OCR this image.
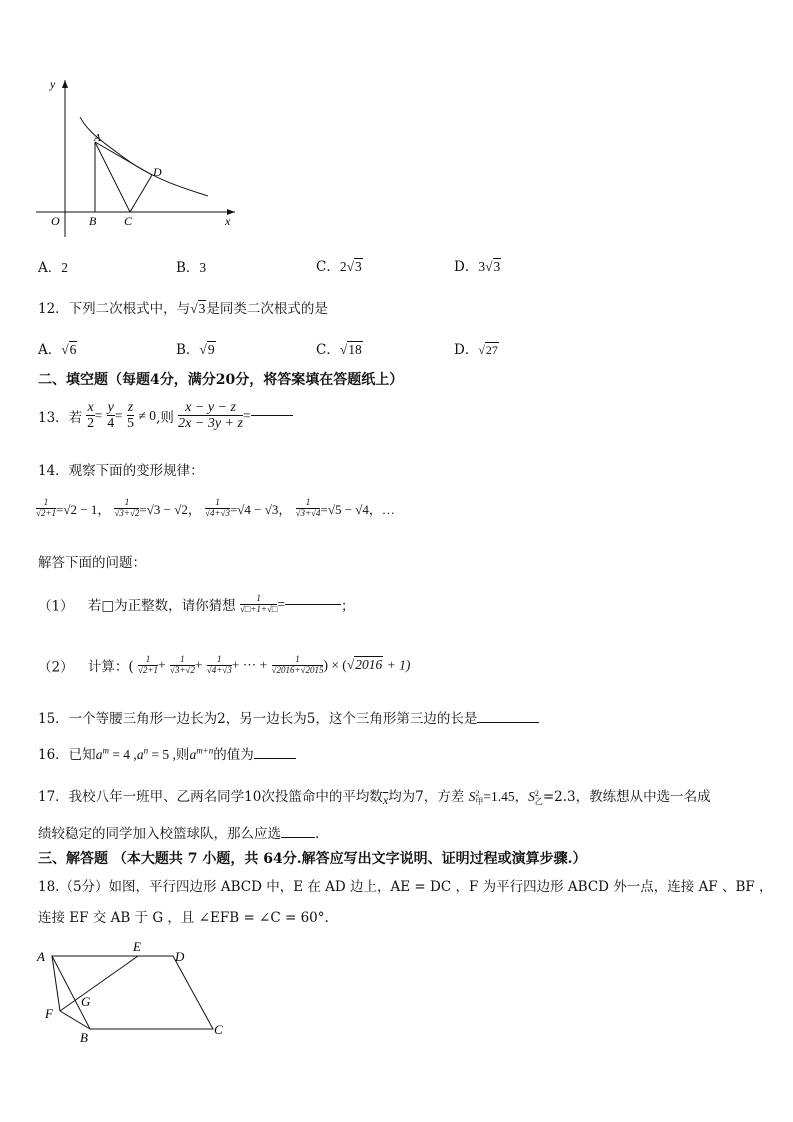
y
O
A
B C
D
x
A．2	B．3	C．2√3	D．3√3
12．下列二次根式中，与√3是同类二次根式的是
A．√6	B．√9	C．√18	D．√27
二、填空题（每题4分，满分20分，将答案填在答题纸上）
13．若 $\frac{x}{2} = \frac{y}{4} = \frac{z}{5} \ne 0$,则 $\frac{x - y - z}{2x - 3y + z}$ =
14．观察下面的变形规律：
$\frac{1}{√2+1} =√2 - 1$， $\frac{1}{√3+√2} =√3 - √2$， $\frac{1}{√4+√3} =√4 - √3$， $\frac{1}{√3+√4} =√5 - √4$，…
解答下面的问题：
（1） 若□为正整数，请你猜想 $\frac{1}{√□+1+√□}$ =	；
（2） 计算：( $\frac{1}{√2+1} + \frac{1}{√3+√2} + \frac{1}{√4+√3}$ + ··· + $\frac{1}{√2016+√2015}$ ) × (√2016 + 1)
15．一个等腰三角形一边长为2，另一边长为5，这个三角形第三边的长是
16．已知$a^m = 4$ $,a^n = 5$ ,则$a^{m+n}$的值为
17．我校八年一班甲、乙两名同学10次投篮命中的平均数$\overline{x}$均为7，方差 S 2
甲 =1.45，S 2
乙 =2.3，教练想从中选一名成
绩较稳定的同学加入校篮球队，那么应选	．
三、解答题 （本大题共 7 小题，共 64分.解答应写出文字说明、证明过程或演算步骤.）
18.（5分）如图，平行四边形 ABCD 中，E 在 AD 边上，AE = DC ，F 为平行四边形 ABCD 外一点，连接 AF 、BF ，
连接 EF 交 AB 于 G ，且 ∠EFB = ∠C = 60°.
A
E
D
G
F
B
C
